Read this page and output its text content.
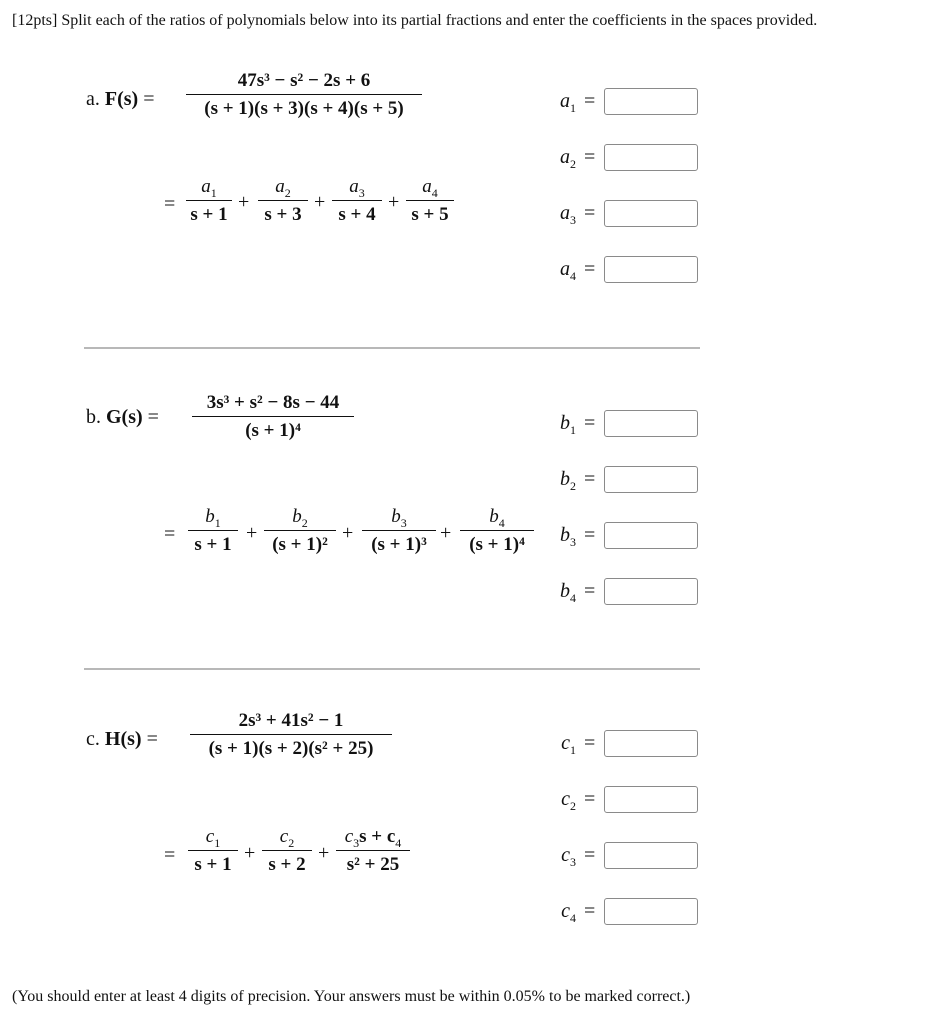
[12pts] Split each of the ratios of polynomials below into its partial fractions and enter the coefficients in the spaces provided.
a. F(s) =
47s³ − s² − 2s + 6
(s + 1)(s + 3)(s + 4)(s + 5)
=
$a_1$
s + 1
+
$a_2$
s + 3
+
$a_3$
s + 4
+
$a_4$
s + 5
$a_1$ =
$a_2$ =
$a_3$ =
$a_4$ =
b. G(s) =
3s³ + s² − 8s − 44
(s + 1)⁴
=
$b_1$
s + 1
+
$b_2$
(s + 1)²
+
$b_3$
(s + 1)³
+
$b_4$
(s + 1)⁴
$b_1$ =
$b_2$ =
$b_3$ =
$b_4$ =
c. H(s) =
2s³ + 41s² − 1
(s + 1)(s + 2)(s² + 25)
=
$c_1$
s + 1
+
$c_2$
s + 2
+
$c_3s + c_4$
s² + 25
$c_1$ =
$c_2$ =
$c_3$ =
$c_4$ =
(You should enter at least 4 digits of precision. Your answers must be within 0.05% to be marked correct.)
